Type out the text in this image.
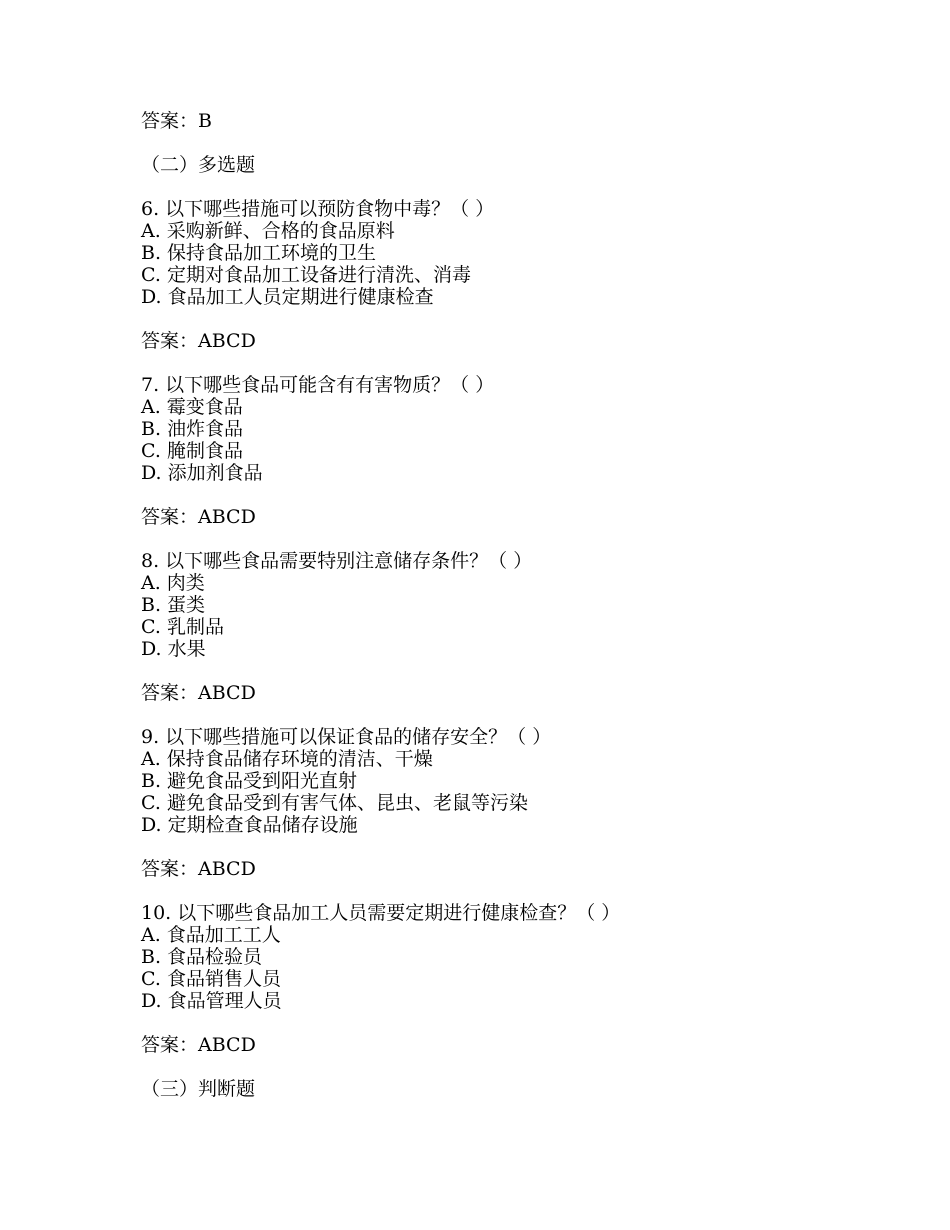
答案：B
（二）多选题
6. 以下哪些措施可以预防食物中毒？（ ）
A. 采购新鲜、合格的食品原料
B. 保持食品加工环境的卫生
C. 定期对食品加工设备进行清洗、消毒
D. 食品加工人员定期进行健康检查
答案：ABCD
7. 以下哪些食品可能含有有害物质？（ ）
A. 霉变食品
B. 油炸食品
C. 腌制食品
D. 添加剂食品
答案：ABCD
8. 以下哪些食品需要特别注意储存条件？（ ）
A. 肉类
B. 蛋类
C. 乳制品
D. 水果
答案：ABCD
9. 以下哪些措施可以保证食品的储存安全？（ ）
A. 保持食品储存环境的清洁、干燥
B. 避免食品受到阳光直射
C. 避免食品受到有害气体、昆虫、老鼠等污染
D. 定期检查食品储存设施
答案：ABCD
10. 以下哪些食品加工人员需要定期进行健康检查？（ ）
A. 食品加工工人
B. 食品检验员
C. 食品销售人员
D. 食品管理人员
答案：ABCD
（三）判断题
